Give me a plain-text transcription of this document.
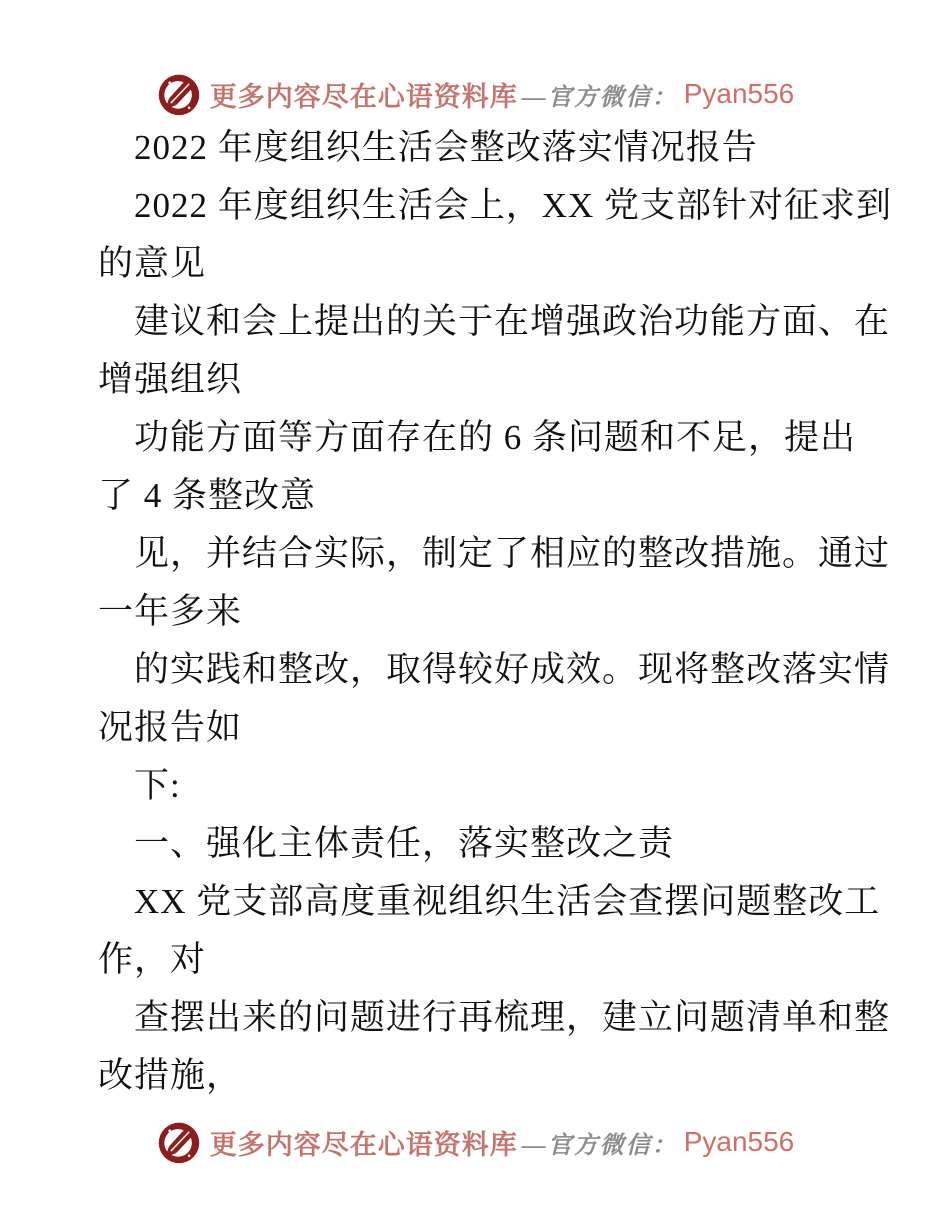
更多内容尽在心语资料库 —官方微信： Pyan556
2022 年度组织生活会整改落实情况报告
2022 年度组织生活会上，XX 党支部针对征求到
的意见
建议和会上提出的关于在增强政治功能方面、在
增强组织
功能方面等方面存在的 6 条问题和不足，提出
了 4 条整改意
见，并结合实际，制定了相应的整改措施。通过
一年多来
的实践和整改，取得较好成效。现将整改落实情
况报告如
下:
一、强化主体责任，落实整改之责
XX 党支部高度重视组织生活会查摆问题整改工
作，对
查摆出来的问题进行再梳理，建立问题清单和整
改措施，
更多内容尽在心语资料库 —官方微信： Pyan556
